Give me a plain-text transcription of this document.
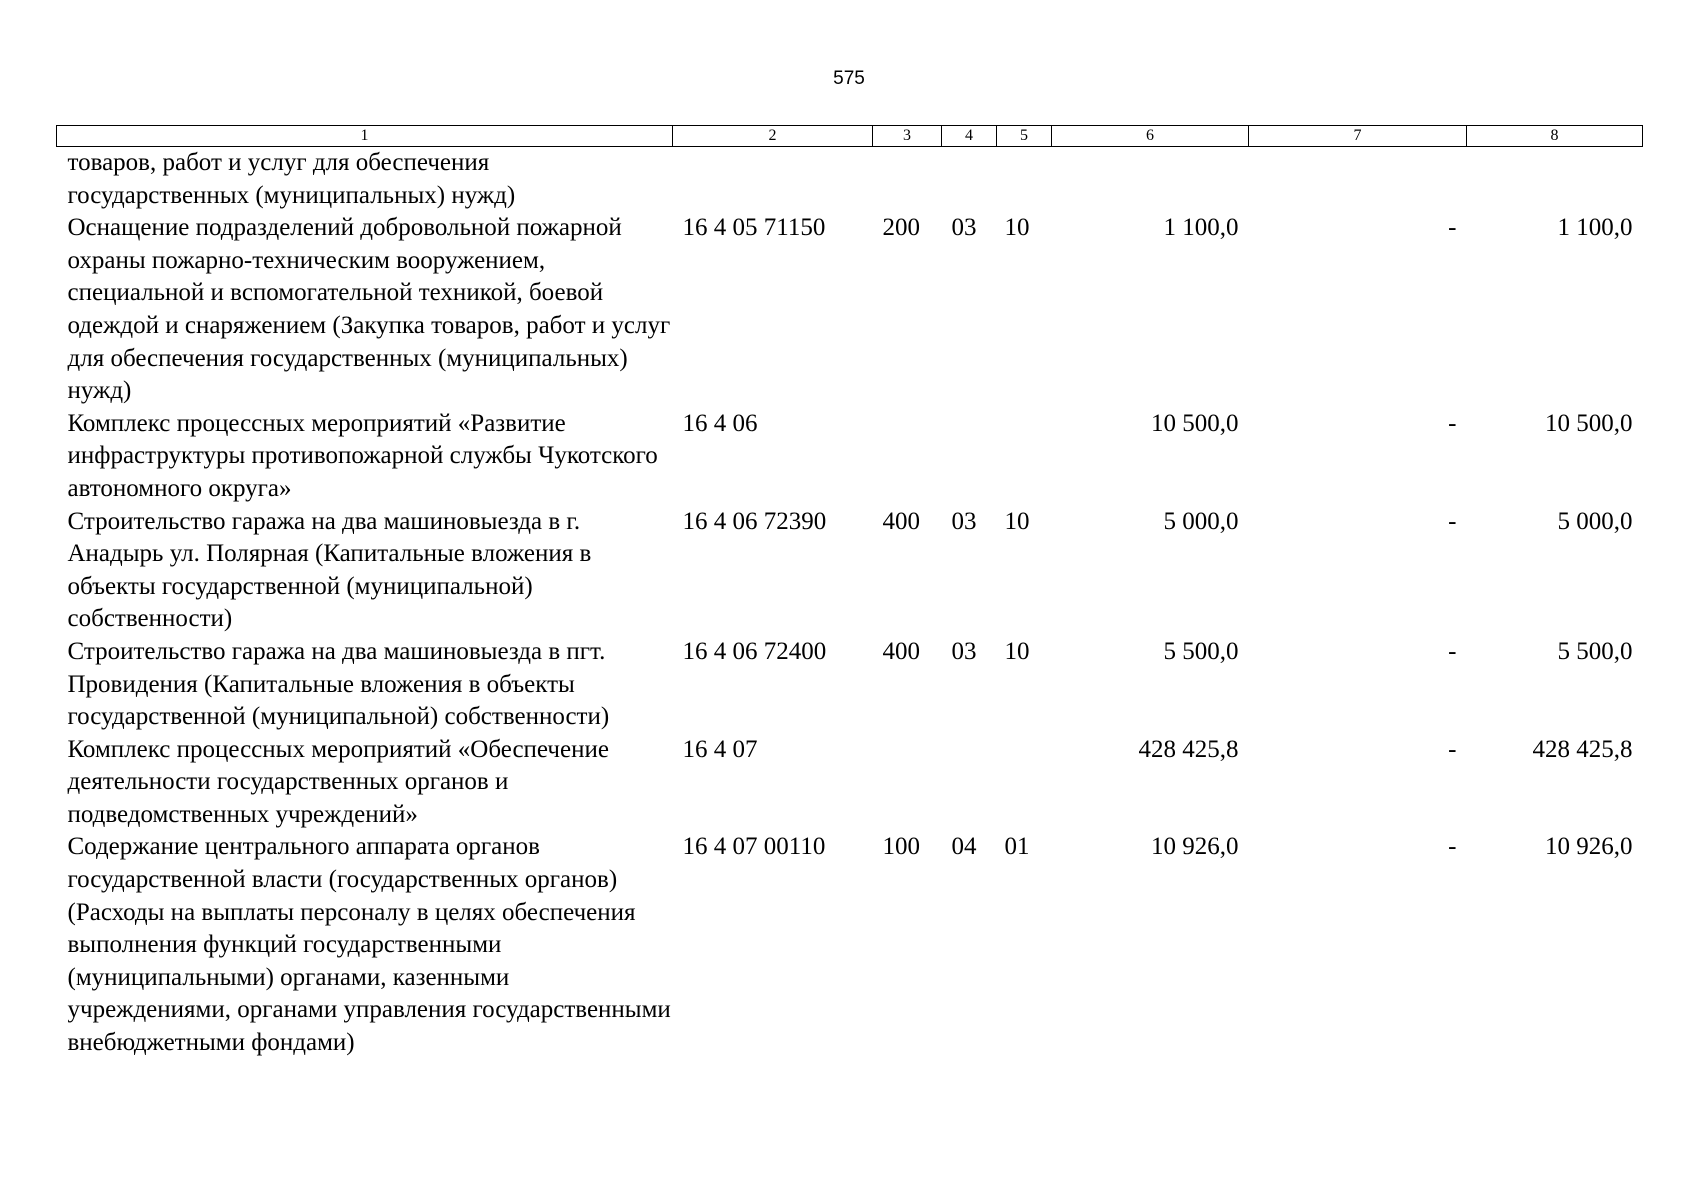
575
1	2	3	4	5	6	7	8
товаров, работ и услуг для обеспечения государственных (муниципальных) нужд)							
Оснащение подразделений добровольной пожарной охраны пожарно-техническим вооружением, специальной и вспомогательной техникой, боевой одеждой и снаряжением (Закупка товаров, работ и услуг для обеспечения государственных (муниципальных) нужд)	16 4 05 71150	200	03	10	1 100,0	-	1 100,0
Комплекс процессных мероприятий «Развитие инфраструктуры противопожарной службы Чукотского автономного округа»	16 4 06				10 500,0	-	10 500,0
Строительство гаража на два машиновыезда в г. Анадырь ул. Полярная (Капитальные вложения в объекты государственной (муниципальной) собственности)	16 4 06 72390	400	03	10	5 000,0	-	5 000,0
Строительство гаража на два машиновыезда в пгт. Провидения (Капитальные вложения в объекты государственной (муниципальной) собственности)	16 4 06 72400	400	03	10	5 500,0	-	5 500,0
Комплекс процессных мероприятий «Обеспечение деятельности государственных органов и подведомственных учреждений»	16 4 07				428 425,8	-	428 425,8
Содержание центрального аппарата органов государственной власти (государственных органов) (Расходы на выплаты персоналу в целях обеспечения выполнения функций государственными (муниципальными) органами, казенными учреждениями, органами управления государственными внебюджетными фондами)	16 4 07 00110	100	04	01	10 926,0	-	10 926,0
